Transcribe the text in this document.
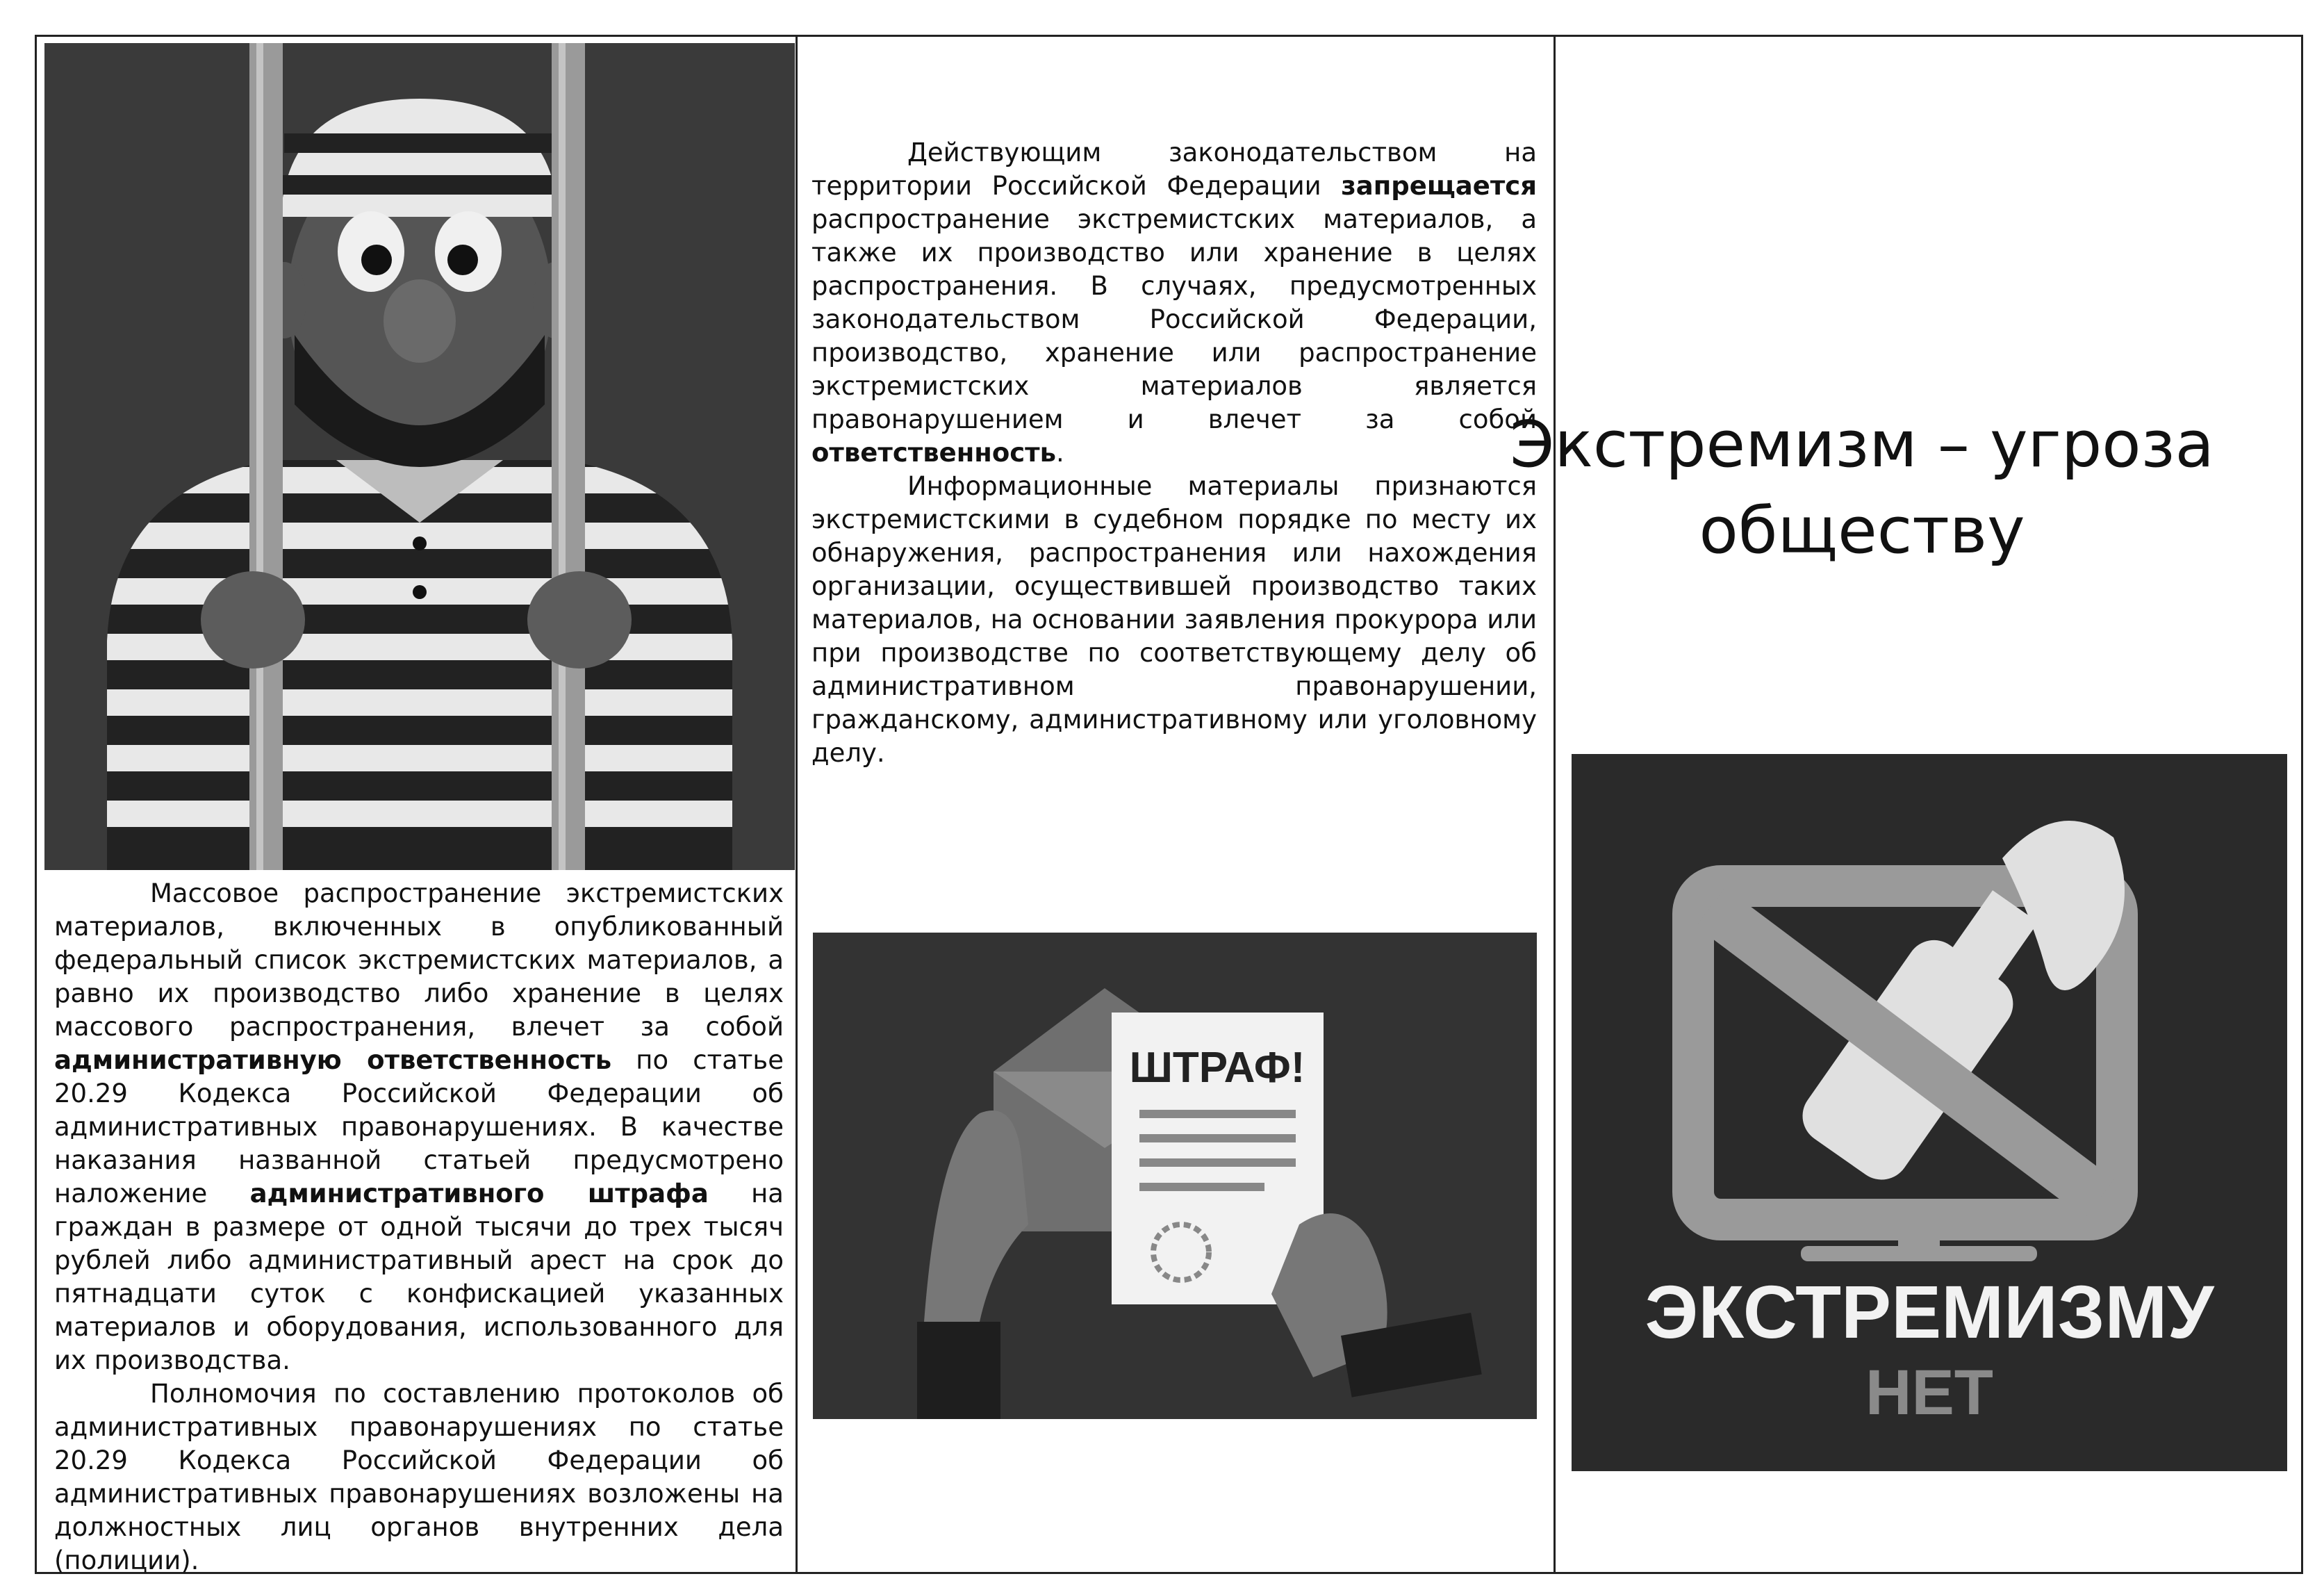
Массовое распространение экстремистских материалов, включенных в опубликованный федеральный список экстремистских материалов, а равно их производство либо хранение в целях массового распространения, влечет за собой административную ответственность по статье 20.29 Кодекса Российской Федерации об административных правонарушениях. В качестве наказания названной статьей предусмотрено наложение административного штрафа на граждан в размере от одной тысячи до трех тысяч рублей либо административный арест на срок до пятнадцати суток с конфискацией указанных материалов и оборудования, использованного для их производства.

Полномочия по составлению протоколов об административных правонарушениях по статье 20.29 Кодекса Российской Федерации об административных правонарушениях возложены на должностных лиц органов внутренних дела (полиции).

Действующим законодательством на территории Российской Федерации запрещается распространение экстремистских материалов, а также их производство или хранение в целях распространения. В случаях, предусмотренных законодательством Российской Федерации, производство, хранение или распространение экстремистских материалов является правонарушением и влечет за собой ответственность.

Информационные материалы признаются экстремистскими в судебном порядке по месту их обнаружения, распространения или нахождения организации, осуществившей производство таких материалов, на основании заявления прокурора или при производстве по соответствующему делу об административном правонарушении, гражданскому, административному или уголовному делу.

ШТРАФ!
Экстремизм – угроза
обществу
ЭКСТРЕМИЗМУ
НЕТ
